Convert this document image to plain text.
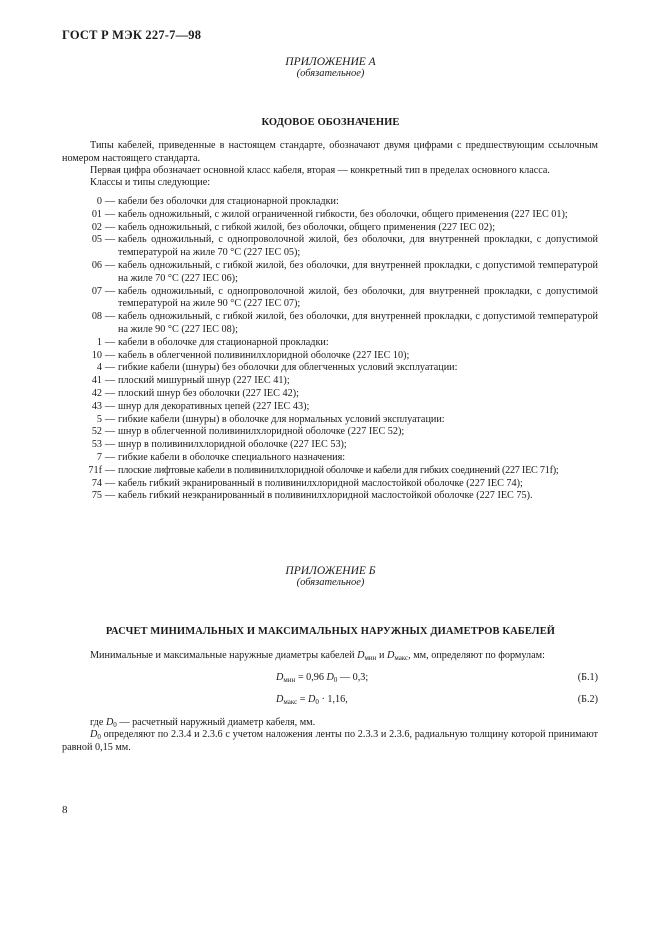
ГОСТ Р МЭК 227-7—98
ПРИЛОЖЕНИЕ А
(обязательное)
КОДОВОЕ ОБОЗНАЧЕНИЕ
Типы кабелей, приведенные в настоящем стандарте, обозначают двумя цифрами с предшествующим ссылочным номером настоящего стандарта.
Первая цифра обозначает основной класс кабеля, вторая — конкретный тип в пределах основного класса.
Классы и типы следующие:
0 — кабели без оболочки для стационарной прокладки:
01 — кабель одножильный, с жилой ограниченной гибкости, без оболочки, общего применения (227 IEC 01);
02 — кабель одножильный, с гибкой жилой, без оболочки, общего применения (227 IEC 02);
05 — кабель одножильный, с однопроволочной жилой, без оболочки, для внутренней прокладки, с допустимой температурой на жиле 70 °С (227 IEC 05);
06 — кабель одножильный, с гибкой жилой, без оболочки, для внутренней прокладки, с допустимой температурой на жиле 70 °С (227 IEC 06);
07 — кабель одножильный, с однопроволочной жилой, без оболочки, для внутренней прокладки, с допустимой температурой на жиле 90 °С (227 IEC 07);
08 — кабель одножильный, с гибкой жилой, без оболочки, для внутренней прокладки, с допустимой температурой на жиле 90 °С (227 IEC 08);
1 — кабели в оболочке для стационарной прокладки:
10 — кабель в облегченной поливинилхлоридной оболочке (227 IEC 10);
4 — гибкие кабели (шнуры) без оболочки для облегченных условий эксплуатации:
41 — плоский мишурный шнур (227 IEC 41);
42 — плоский шнур без оболочки (227 IEC 42);
43 — шнур для декоративных цепей (227 IEC 43);
5 — гибкие кабели (шнуры) в оболочке для нормальных условий эксплуатации:
52 — шнур в облегченной поливинилхлоридной оболочке (227 IEC 52);
53 — шнур в поливинилхлоридной оболочке (227 IEC 53);
7 — гибкие кабели в оболочке специального назначения:
71f — плоские лифтовые кабели в поливинилхлоридной оболочке и кабели для гибких соединений (227 IEC 71f);
74 — кабель гибкий экранированный в поливинилхлоридной маслостойкой оболочке (227 IEC 74);
75 — кабель гибкий неэкранированный в поливинилхлоридной маслостойкой оболочке (227 IEC 75).
ПРИЛОЖЕНИЕ Б
(обязательное)
РАСЧЕТ МИНИМАЛЬНЫХ И МАКСИМАЛЬНЫХ НАРУЖНЫХ ДИАМЕТРОВ КАБЕЛЕЙ
Минимальные и максимальные наружные диаметры кабелей $D_{мин}$ и $D_{макс}$, мм, определяют по формулам:
$D_{мин} = 0,96$ $D_0$ — 0,3;	(Б.1)
$D_{макс} = D_0 \cdot 1,16$,	(Б.2)
где $D_0$ — расчетный наружный диаметр кабеля, мм.
$D_0$ определяют по 2.3.4 и 2.3.6 с учетом наложения ленты по 2.3.3 и 2.3.6, радиальную толщину которой принимают равной 0,15 мм.
8
